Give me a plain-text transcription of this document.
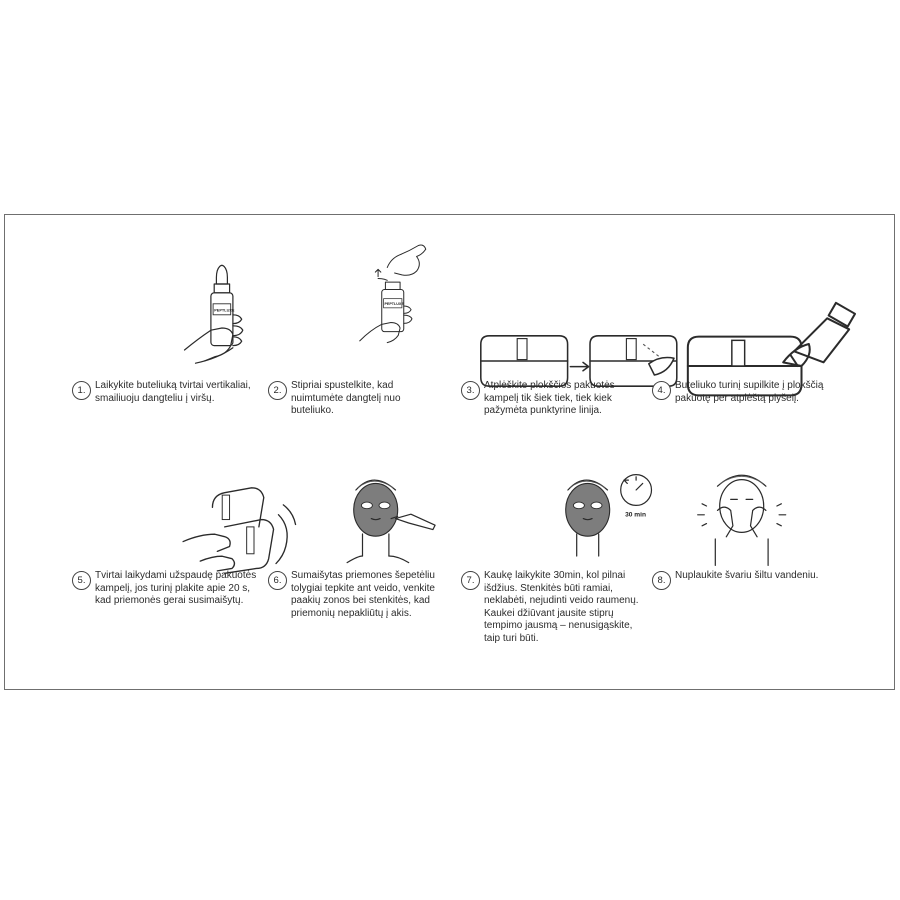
PEPTLUXE
PEPTLUXE
30 min
1. Laikykite buteliuką tvirtai vertikaliai,
smailiuoju dangteliu į viršų.
2. Stipriai spustelkite, kad
nuimtumėte dangtelį nuo
buteliuko.
3. Atplėškite plokščios pakuotės
kampelį tik šiek tiek, tiek kiek
pažymėta punktyrine linija.
4. Buteliuko turinį supilkite į plokščią
pakuotę per atplėštą plyšelį.
5. Tvirtai laikydami užspaudę pakuotės
kampelį, jos turinį plakite apie 20 s,
kad priemonės gerai susimaišytų.
6. Sumaišytas priemones šepetėliu
tolygiai tepkite ant veido, venkite
paakių zonos bei stenkitės, kad
priemonių nepakliūtų į akis.
7. Kaukę laikykite 30min, kol pilnai
išdžius. Stenkitės būti ramiai,
neklabėti, nejudinti veido raumenų.
Kaukei džiūvant jausite stiprų
tempimo jausmą – nenusigąskite,
taip turi būti.
8. Nuplaukite švariu šiltu vandeniu.
